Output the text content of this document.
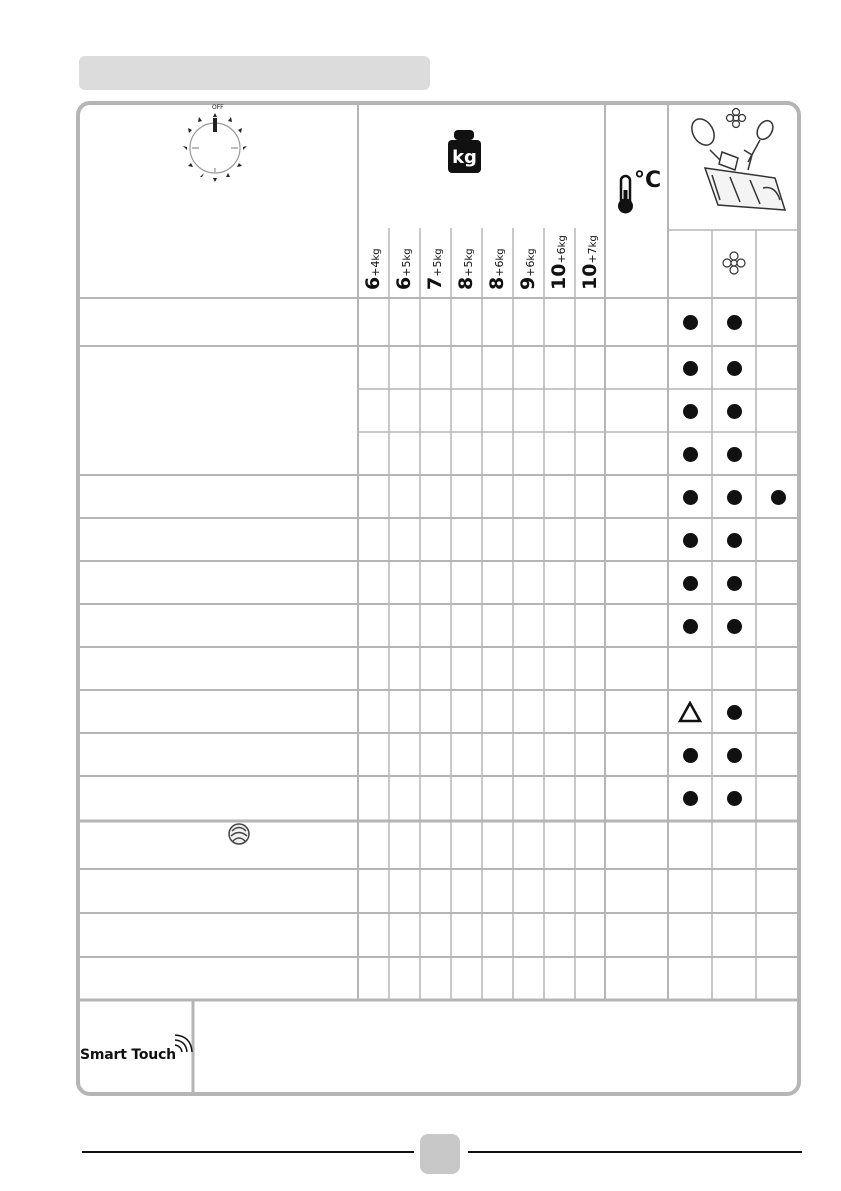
OFF
kg
°C
6+4kg
6+5kg
7+5kg
8+5kg
8+6kg
9+6kg
10+6kg
10+7kg
Smart Touch
